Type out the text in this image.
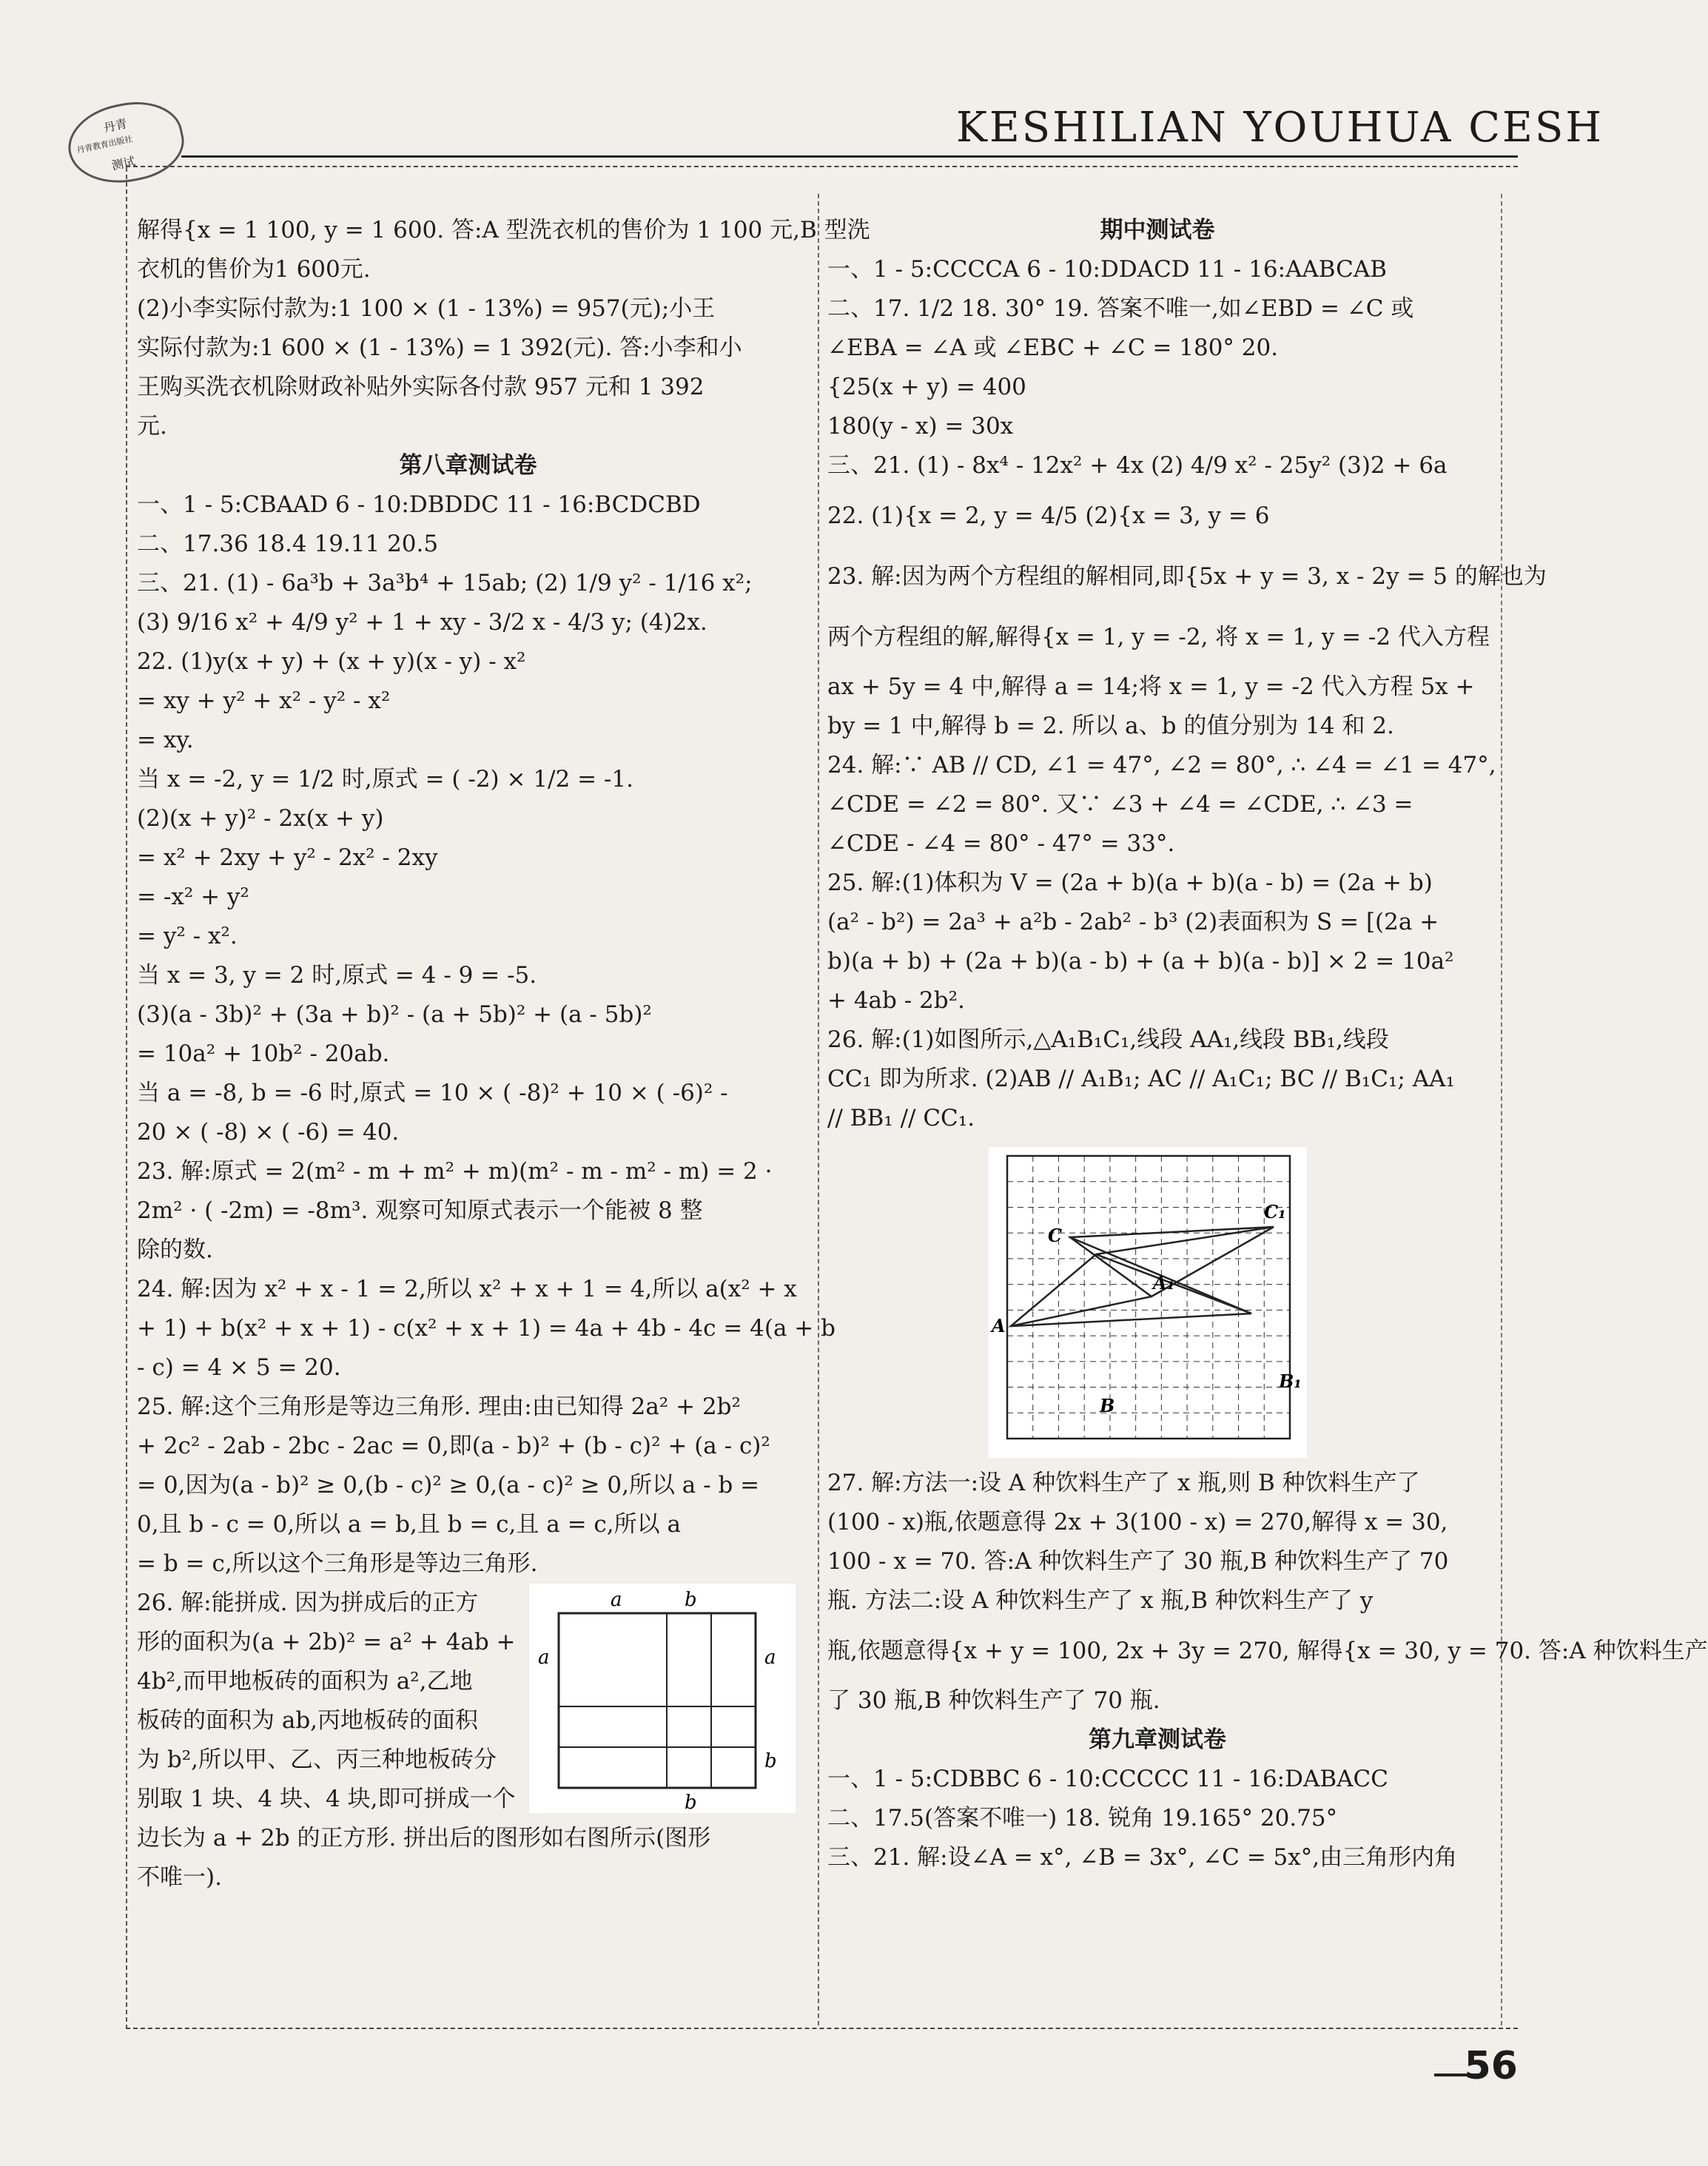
丹青
丹青教育出版社
测试
KESHILIAN YOUHUA CESH
56
解得{x = 1 100, y = 1 600. 答:A 型洗衣机的售价为 1 100 元,B 型洗
衣机的售价为1 600元.
(2)小李实际付款为:1 100 × (1 - 13%) = 957(元);小王
实际付款为:1 600 × (1 - 13%) = 1 392(元). 答:小李和小
王购买洗衣机除财政补贴外实际各付款 957 元和 1 392
元.
第八章测试卷
一、1 - 5:CBAAD 6 - 10:DBDDC 11 - 16:BCDCBD
二、17.36 18.4 19.11 20.5
三、21. (1) - 6a³b + 3a³b⁴ + 15ab; (2) 1/9 y² - 1/16 x²;
(3) 9/16 x² + 4/9 y² + 1 + xy - 3/2 x - 4/3 y; (4)2x.
22. (1)y(x + y) + (x + y)(x - y) - x²
= xy + y² + x² - y² - x²
= xy.
当 x = -2, y = 1/2 时,原式 = ( -2) × 1/2 = -1.
(2)(x + y)² - 2x(x + y)
= x² + 2xy + y² - 2x² - 2xy
= -x² + y²
= y² - x².
当 x = 3, y = 2 时,原式 = 4 - 9 = -5.
(3)(a - 3b)² + (3a + b)² - (a + 5b)² + (a - 5b)²
= 10a² + 10b² - 20ab.
当 a = -8, b = -6 时,原式 = 10 × ( -8)² + 10 × ( -6)² -
20 × ( -8) × ( -6) = 40.
23. 解:原式 = 2(m² - m + m² + m)(m² - m - m² - m) = 2 ·
2m² · ( -2m) = -8m³. 观察可知原式表示一个能被 8 整
除的数.
24. 解:因为 x² + x - 1 = 2,所以 x² + x + 1 = 4,所以 a(x² + x
+ 1) + b(x² + x + 1) - c(x² + x + 1) = 4a + 4b - 4c = 4(a + b
- c) = 4 × 5 = 20.
25. 解:这个三角形是等边三角形. 理由:由已知得 2a² + 2b²
+ 2c² - 2ab - 2bc - 2ac = 0,即(a - b)² + (b - c)² + (a - c)²
= 0,因为(a - b)² ≥ 0,(b - c)² ≥ 0,(a - c)² ≥ 0,所以 a - b =
0,且 b - c = 0,所以 a = b,且 b = c,且 a = c,所以 a
= b = c,所以这个三角形是等边三角形.
26. 解:能拼成. 因为拼成后的正方
形的面积为(a + 2b)² = a² + 4ab +
4b²,而甲地板砖的面积为 a²,乙地
板砖的面积为 ab,丙地板砖的面积
为 b²,所以甲、乙、丙三种地板砖分
别取 1 块、4 块、4 块,即可拼成一个
边长为 a + 2b 的正方形. 拼出后的图形如右图所示(图形
不唯一).
a	b
a	a
b
b
期中测试卷
一、1 - 5:CCCCA 6 - 10:DDACD 11 - 16:AABCAB
二、17. 1/2 18. 30° 19. 答案不唯一,如∠EBD = ∠C 或
∠EBA = ∠A 或 ∠EBC + ∠C = 180° 20.
{25(x + y) = 400
180(y - x) = 30x
三、21. (1) - 8x⁴ - 12x² + 4x (2) 4/9 x² - 25y² (3)2 + 6a
22. (1){x = 2, y = 4/5 (2){x = 3, y = 6
23. 解:因为两个方程组的解相同,即{5x + y = 3, x - 2y = 5 的解也为
两个方程组的解,解得{x = 1, y = -2, 将 x = 1, y = -2 代入方程
ax + 5y = 4 中,解得 a = 14;将 x = 1, y = -2 代入方程 5x +
by = 1 中,解得 b = 2. 所以 a、b 的值分别为 14 和 2.
24. 解:∵ AB // CD, ∠1 = 47°, ∠2 = 80°, ∴ ∠4 = ∠1 = 47°,
∠CDE = ∠2 = 80°. 又∵ ∠3 + ∠4 = ∠CDE, ∴ ∠3 =
∠CDE - ∠4 = 80° - 47° = 33°.
25. 解:(1)体积为 V = (2a + b)(a + b)(a - b) = (2a + b)
(a² - b²) = 2a³ + a²b - 2ab² - b³ (2)表面积为 S = [(2a +
b)(a + b) + (2a + b)(a - b) + (a + b)(a - b)] × 2 = 10a²
+ 4ab - 2b².
26. 解:(1)如图所示,△A₁B₁C₁,线段 AA₁,线段 BB₁,线段
CC₁ 即为所求. (2)AB // A₁B₁; AC // A₁C₁; BC // B₁C₁; AA₁
// BB₁ // CC₁.
A
B
C
A₁
B₁
C₁
27. 解:方法一:设 A 种饮料生产了 x 瓶,则 B 种饮料生产了
(100 - x)瓶,依题意得 2x + 3(100 - x) = 270,解得 x = 30,
100 - x = 70. 答:A 种饮料生产了 30 瓶,B 种饮料生产了 70
瓶. 方法二:设 A 种饮料生产了 x 瓶,B 种饮料生产了 y
瓶,依题意得{x + y = 100, 2x + 3y = 270, 解得{x = 30, y = 70. 答:A 种饮料生产
了 30 瓶,B 种饮料生产了 70 瓶.
第九章测试卷
一、1 - 5:CDBBC 6 - 10:CCCCC 11 - 16:DABACC
二、17.5(答案不唯一) 18. 锐角 19.165° 20.75°
三、21. 解:设∠A = x°, ∠B = 3x°, ∠C = 5x°,由三角形内角
